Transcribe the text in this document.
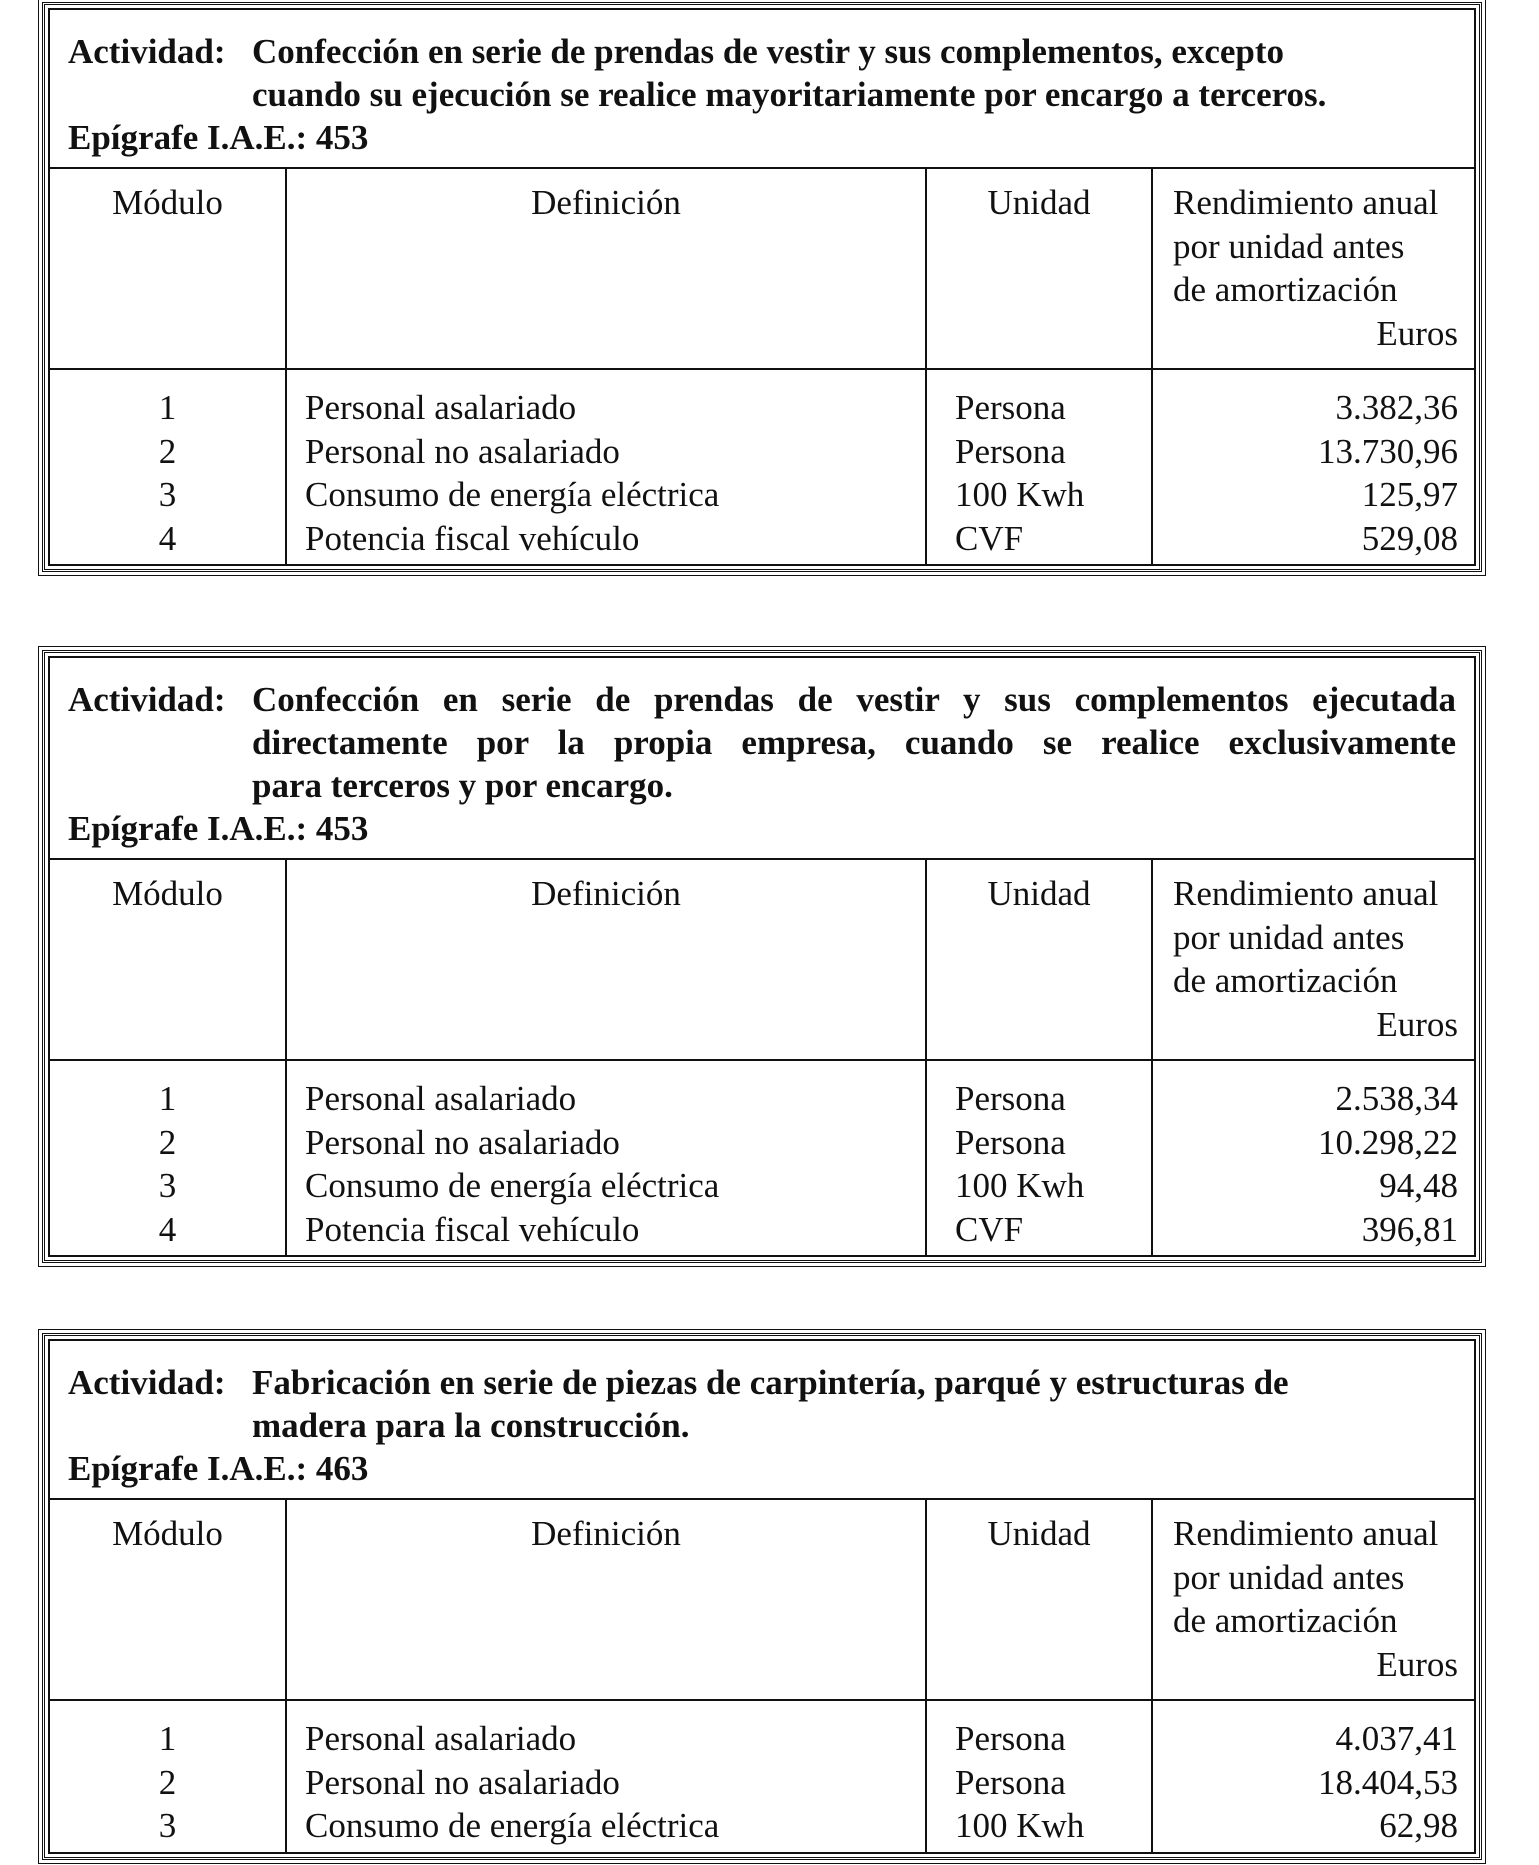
Actividad: Confección en serie de prendas de vestir y sus complementos, excepto
cuando su ejecución se realice mayoritariamente por encargo a terceros.
Epígrafe I.A.E.: 453
Módulo	Definición	Unidad	Rendimiento anual
por unidad antes
de amortización
Euros

1	Personal asalariado	Persona	3.382,36
2	Personal no asalariado	Persona	13.730,96
3	Consumo de energía eléctrica	100 Kwh	125,97
4	Potencia fiscal vehículo	CVF	529,08
Actividad: Confección en serie de prendas de vestir y sus complementos ejecutada
directamente por la propia empresa, cuando se realice exclusivamente
para terceros y por encargo.
Epígrafe I.A.E.: 453
Módulo	Definición	Unidad	Rendimiento anual
por unidad antes
de amortización
Euros

1	Personal asalariado	Persona	2.538,34
2	Personal no asalariado	Persona	10.298,22
3	Consumo de energía eléctrica	100 Kwh	94,48
4	Potencia fiscal vehículo	CVF	396,81
Actividad: Fabricación en serie de piezas de carpintería, parqué y estructuras de
madera para la construcción.
Epígrafe I.A.E.: 463
Módulo	Definición	Unidad	Rendimiento anual
por unidad antes
de amortización
Euros

1	Personal asalariado	Persona	4.037,41
2	Personal no asalariado	Persona	18.404,53
3	Consumo de energía eléctrica	100 Kwh	62,98
